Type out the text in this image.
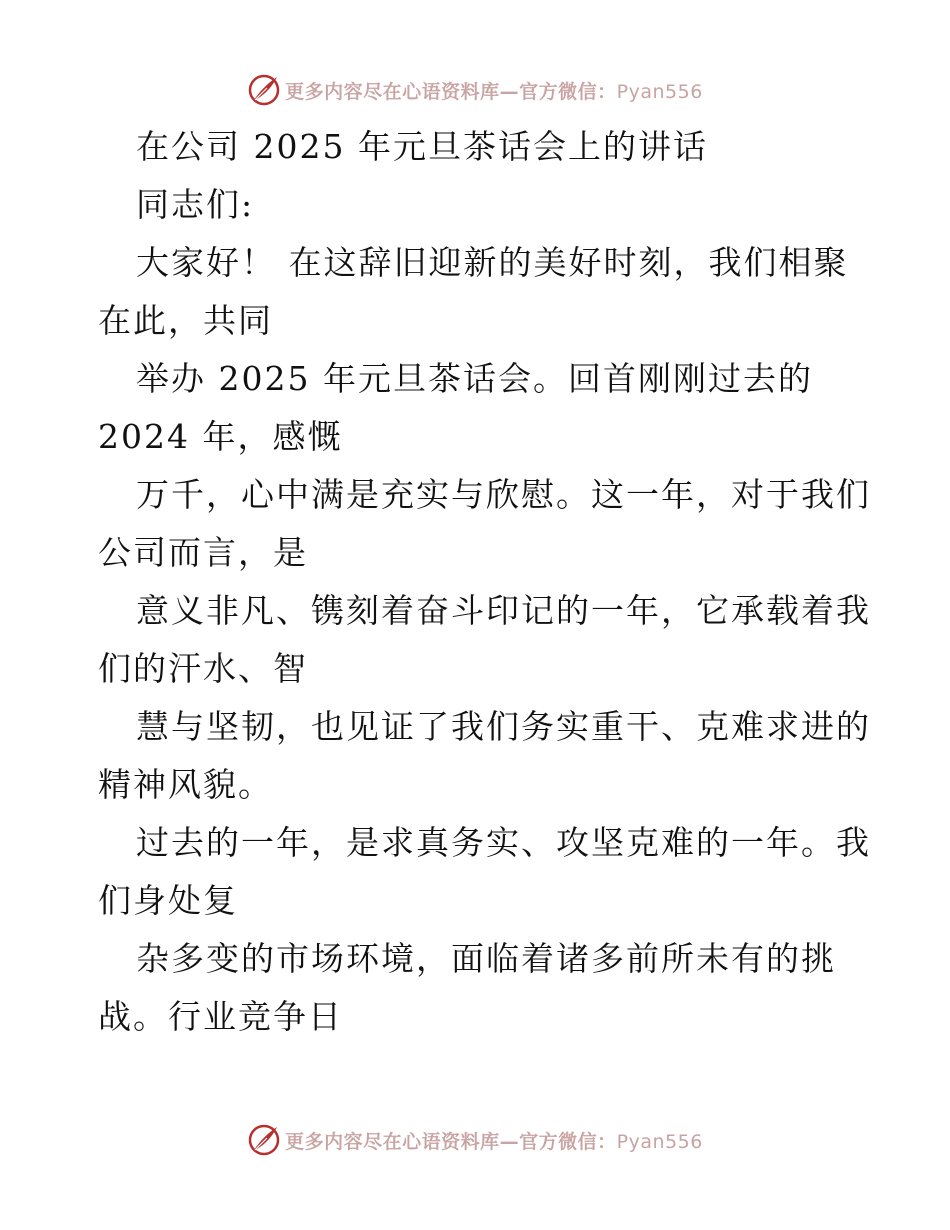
更多内容尽在心语资料库—官方微信：Pyan556
在公司 2025 年元旦茶话会上的讲话
同志们:
大家好！ 在这辞旧迎新的美好时刻，我们相聚
在此，共同
举办 2025 年元旦茶话会。回首刚刚过去的
2024 年，感慨
万千，心中满是充实与欣慰。这一年，对于我们
公司而言，是
意义非凡、镌刻着奋斗印记的一年，它承载着我
们的汗水、智
慧与坚韧，也见证了我们务实重干、克难求进的
精神风貌。
过去的一年，是求真务实、攻坚克难的一年。我
们身处复
杂多变的市场环境，面临着诸多前所未有的挑
战。行业竞争日
更多内容尽在心语资料库—官方微信：Pyan556
